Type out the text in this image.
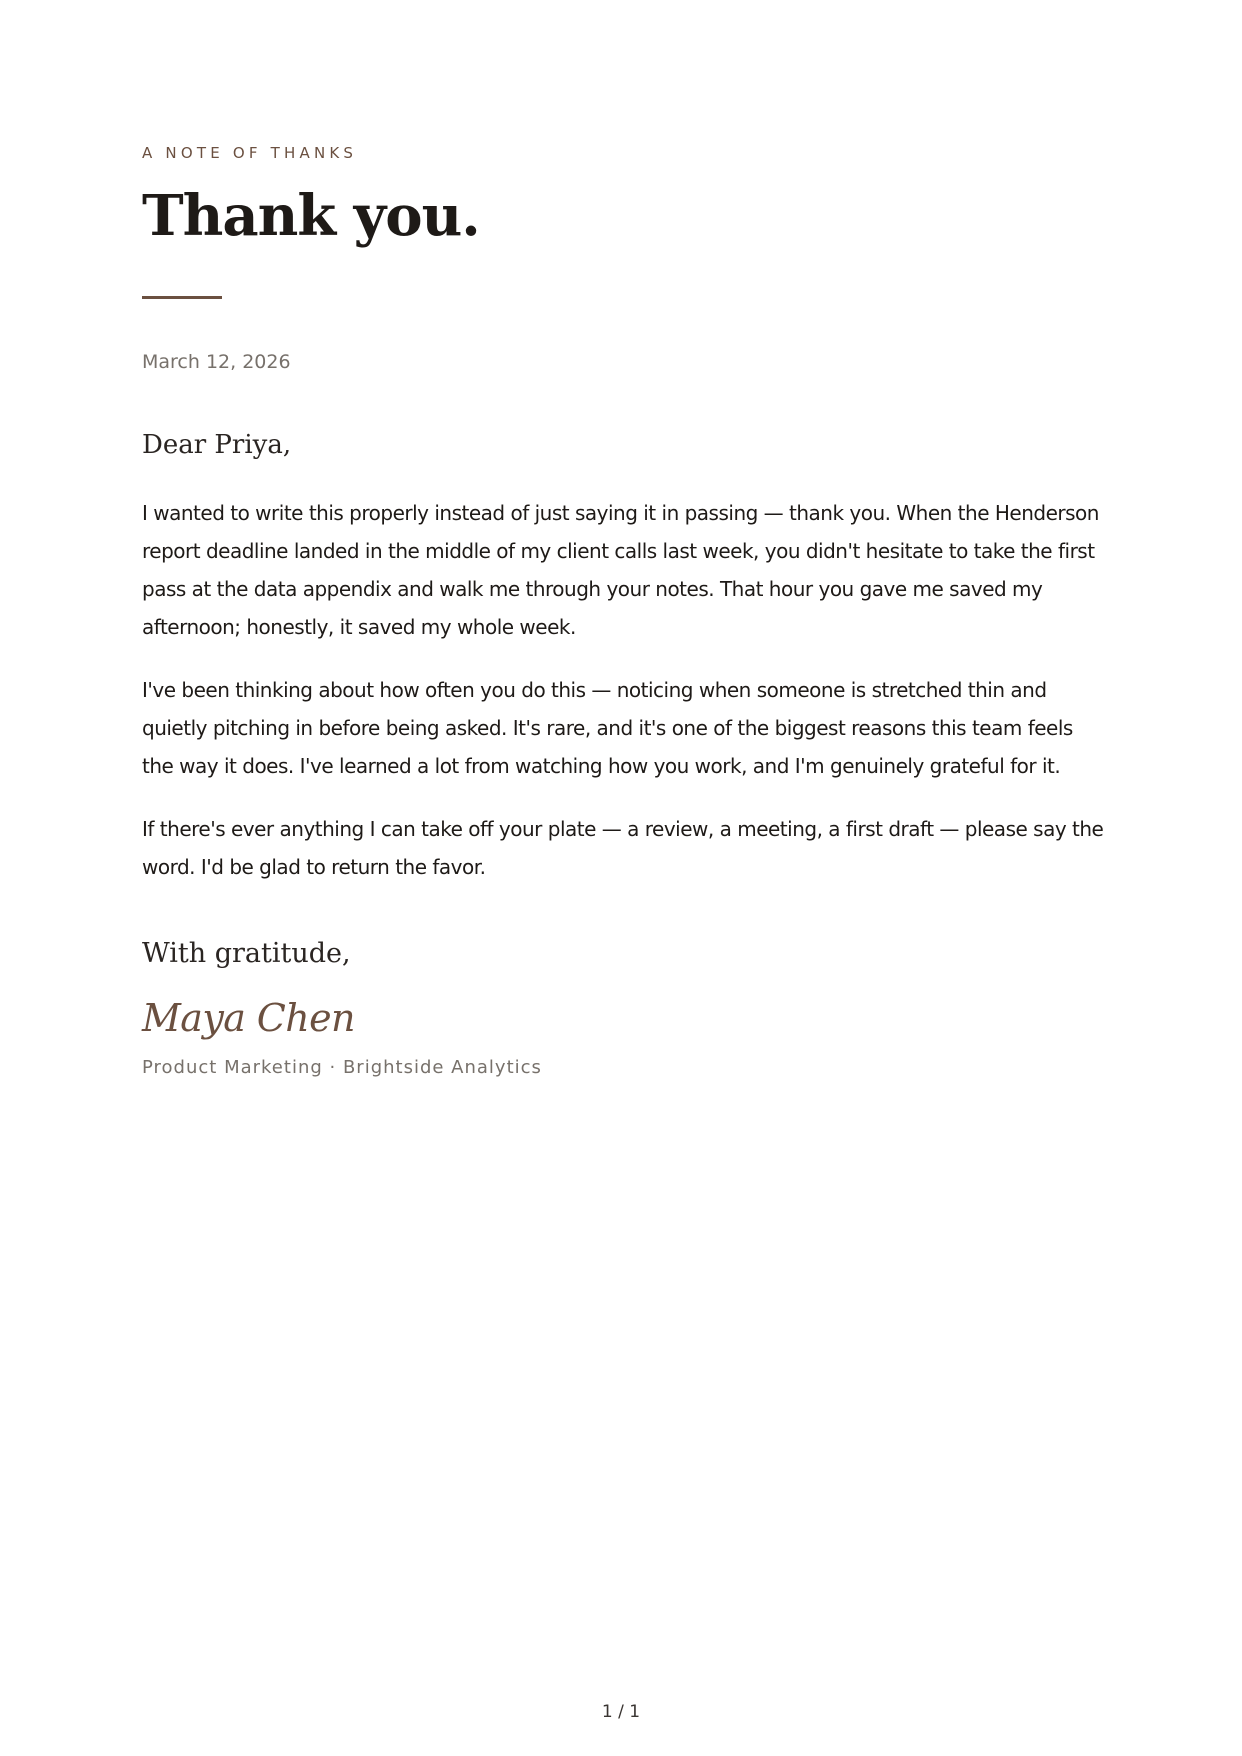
A NOTE OF THANKS
Thank you.
March 12, 2026
Dear Priya,

I wanted to write this properly instead of just saying it in passing — thank you. When the Henderson report deadline landed in the middle of my client calls last week, you didn't hesitate to take the first pass at the data appendix and walk me through your notes. That hour you gave me saved my afternoon; honestly, it saved my whole week.

I've been thinking about how often you do this — noticing when someone is stretched thin and quietly pitching in before being asked. It's rare, and it's one of the biggest reasons this team feels the way it does. I've learned a lot from watching how you work, and I'm genuinely grateful for it.

If there's ever anything I can take off your plate — a review, a meeting, a first draft — please say the word. I'd be glad to return the favor.

With gratitude,
Maya Chen
Product Marketing · Brightside Analytics
1 / 1
